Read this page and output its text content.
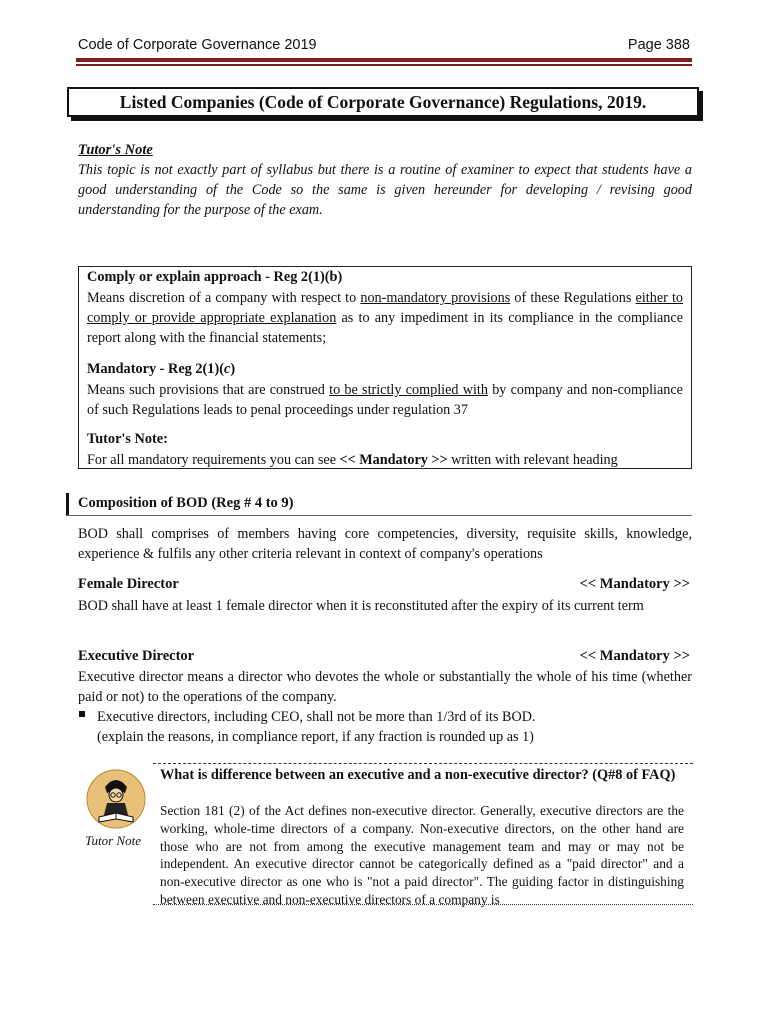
Code of Corporate Governance 2019	Page 388
Listed Companies (Code of Corporate Governance) Regulations, 2019.
Tutor's Note
This topic is not exactly part of syllabus but there is a routine of examiner to expect that students have a good understanding of the Code so the same is given hereunder for developing / revising good understanding for the purpose of the exam.
Comply or explain approach - Reg 2(1)(b)
Means discretion of a company with respect to non-mandatory provisions of these Regulations either to comply or provide appropriate explanation as to any impediment in its compliance in the compliance report along with the financial statements;
Mandatory - Reg 2(1)(c)
Means such provisions that are construed to be strictly complied with by company and non-compliance of such Regulations leads to penal proceedings under regulation 37
Tutor's Note:
For all mandatory requirements you can see << Mandatory >> written with relevant heading
Composition of BOD (Reg # 4 to 9)
BOD shall comprises of members having core competencies, diversity, requisite skills, knowledge, experience & fulfils any other criteria relevant in context of company's operations
Female Director	<< Mandatory >>
BOD shall have at least 1 female director when it is reconstituted after the expiry of its current term
Executive Director	<< Mandatory >>
Executive director means a director who devotes the whole or substantially the whole of his time (whether paid or not) to the operations of the company.
Executive directors, including CEO, shall not be more than 1/3rd of its BOD.
(explain the reasons, in compliance report, if any fraction is rounded up as 1)
Tutor Note
What is difference between an executive and a non-executive director? (Q#8 of FAQ)
Section 181 (2) of the Act defines non-executive director. Generally, executive directors are the working, whole-time directors of a company. Non-executive directors, on the other hand are those who are not from among the executive management team and may or may not be independent. An executive director cannot be categorically defined as a "paid director" and a non-executive director as one who is "not a paid director". The guiding factor in distinguishing between executive and non-executive directors of a company is
